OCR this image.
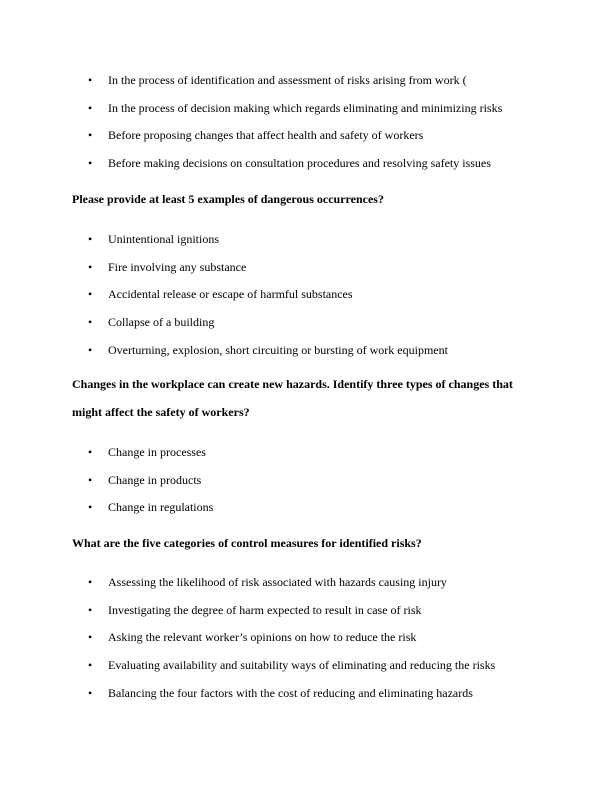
• In the process of identification and assessment of risks arising from work (
• In the process of decision making which regards eliminating and minimizing risks
• Before proposing changes that affect health and safety of workers
• Before making decisions on consultation procedures and resolving safety issues

Please provide at least 5 examples of dangerous occurrences?

• Unintentional ignitions
• Fire involving any substance
• Accidental release or escape of harmful substances
• Collapse of a building
• Overturning, explosion, short circuiting or bursting of work equipment

Changes in the workplace can create new hazards. Identify three types of changes that might affect the safety of workers?

• Change in processes
• Change in products
• Change in regulations

What are the five categories of control measures for identified risks?

• Assessing the likelihood of risk associated with hazards causing injury
• Investigating the degree of harm expected to result in case of risk
• Asking the relevant worker’s opinions on how to reduce the risk
• Evaluating availability and suitability ways of eliminating and reducing the risks
• Balancing the four factors with the cost of reducing and eliminating hazards
